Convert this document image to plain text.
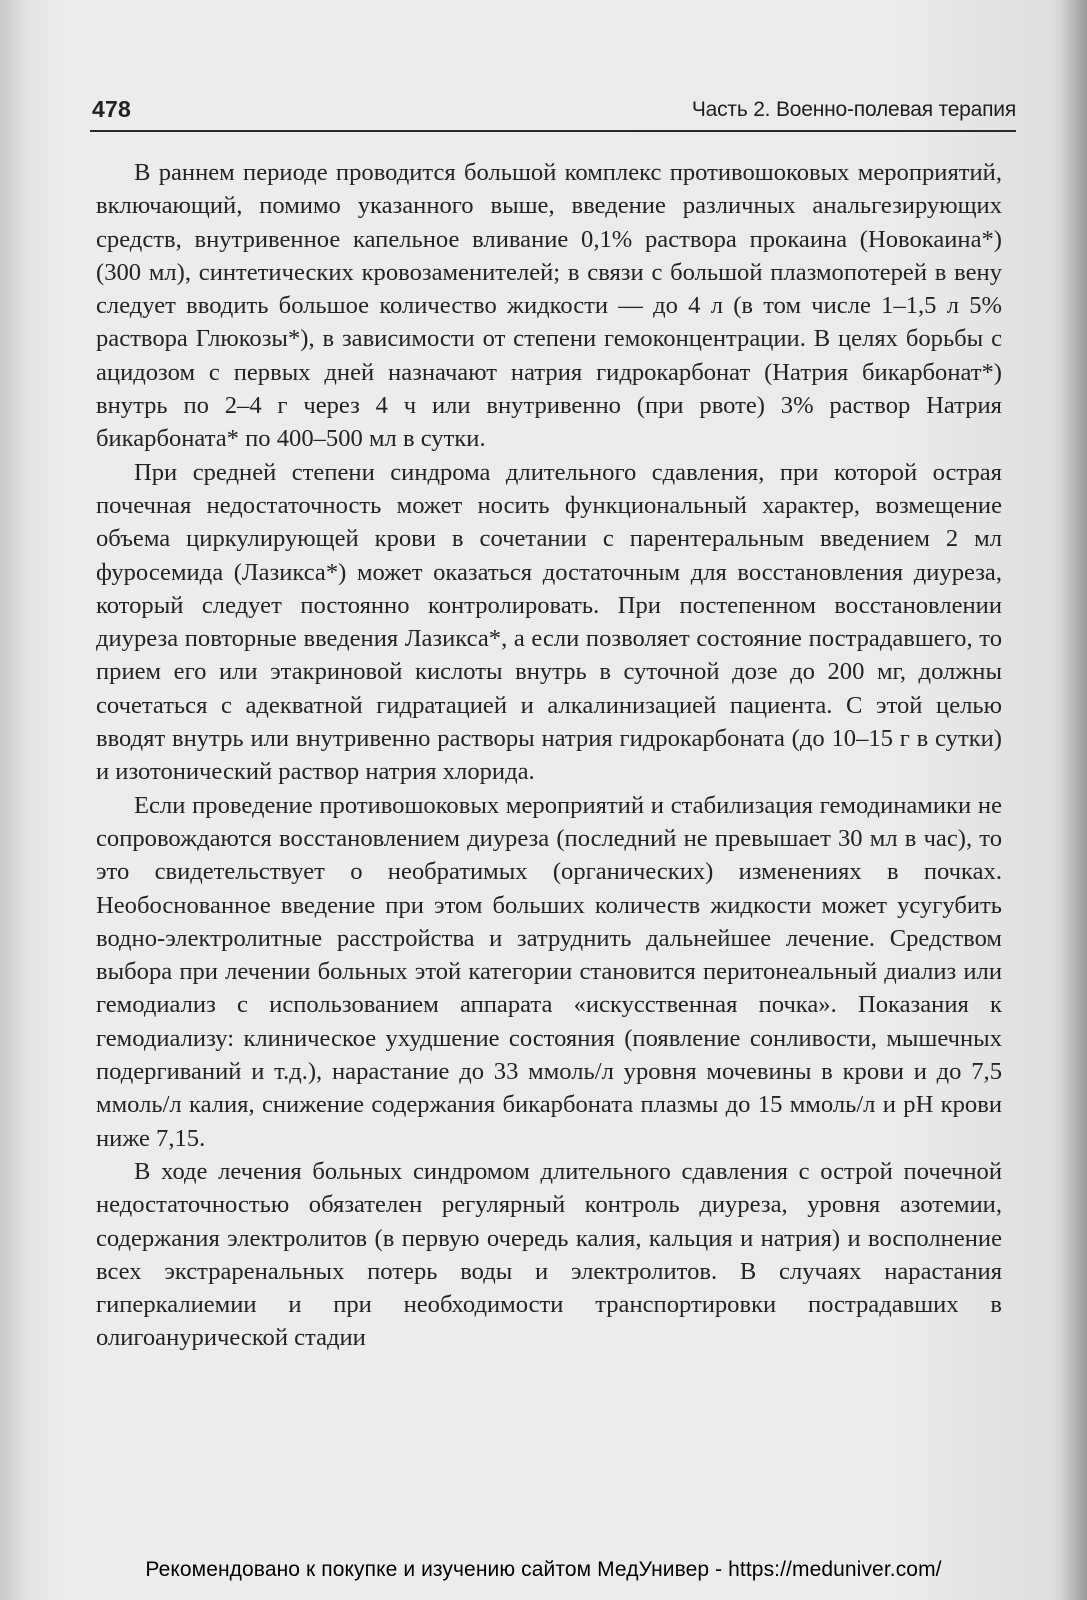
478	Часть 2. Военно-полевая терапия

В раннем периоде проводится большой комплекс противошоковых мероприятий, включающий, помимо указанного выше, введение различных анальгезирующих средств, внутривенное капельное вливание 0,1% раствора прокаина (Новокаина*) (300 мл), синтетических кровозаменителей; в связи с большой плазмопотерей в вену следует вводить большое количество жидкости — до 4 л (в том числе 1–1,5 л 5% раствора Глюкозы*), в зависимости от степени гемоконцентрации. В целях борьбы с ацидозом с первых дней назначают натрия гидрокарбонат (Натрия бикарбонат*) внутрь по 2–4 г через 4 ч или внутривенно (при рвоте) 3% раствор Натрия бикарбоната* по 400–500 мл в сутки.

При средней степени синдрома длительного сдавления, при которой острая почечная недостаточность может носить функциональный характер, возмещение объема циркулирующей крови в сочетании с парентеральным введением 2 мл фуросемида (Лазикса*) может оказаться достаточным для восстановления диуреза, который следует постоянно контролировать. При постепенном восстановлении диуреза повторные введения Лазикса*, а если позволяет состояние пострадавшего, то прием его или этакриновой кислоты внутрь в суточной дозе до 200 мг, должны сочетаться с адекватной гидратацией и алкалинизацией пациента. С этой целью вводят внутрь или внутривенно растворы натрия гидрокарбоната (до 10–15 г в сутки) и изотонический раствор натрия хлорида.

Если проведение противошоковых мероприятий и стабилизация гемодинамики не сопровождаются восстановлением диуреза (последний не превышает 30 мл в час), то это свидетельствует о необратимых (органических) изменениях в почках. Необоснованное введение при этом больших количеств жидкости может усугубить водно-электролитные расстройства и затруднить дальнейшее лечение. Средством выбора при лечении больных этой категории становится перитонеальный диализ или гемодиализ с использованием аппарата «искусственная почка». Показания к гемодиализу: клиническое ухудшение состояния (появление сонливости, мышечных подергиваний и т.д.), нарастание до 33 ммоль/л уровня мочевины в крови и до 7,5 ммоль/л калия, снижение содержания бикарбоната плазмы до 15 ммоль/л и pH крови ниже 7,15.

В ходе лечения больных синдромом длительного сдавления с острой почечной недостаточностью обязателен регулярный контроль диуреза, уровня азотемии, содержания электролитов (в первую очередь калия, кальция и натрия) и восполнение всех экстраренальных потерь воды и электролитов. В случаях нарастания гиперкалиемии и при необходимости транспортировки пострадавших в олигоанурической стадии

Рекомендовано к покупке и изучению сайтом МедУнивер - https://meduniver.com/
